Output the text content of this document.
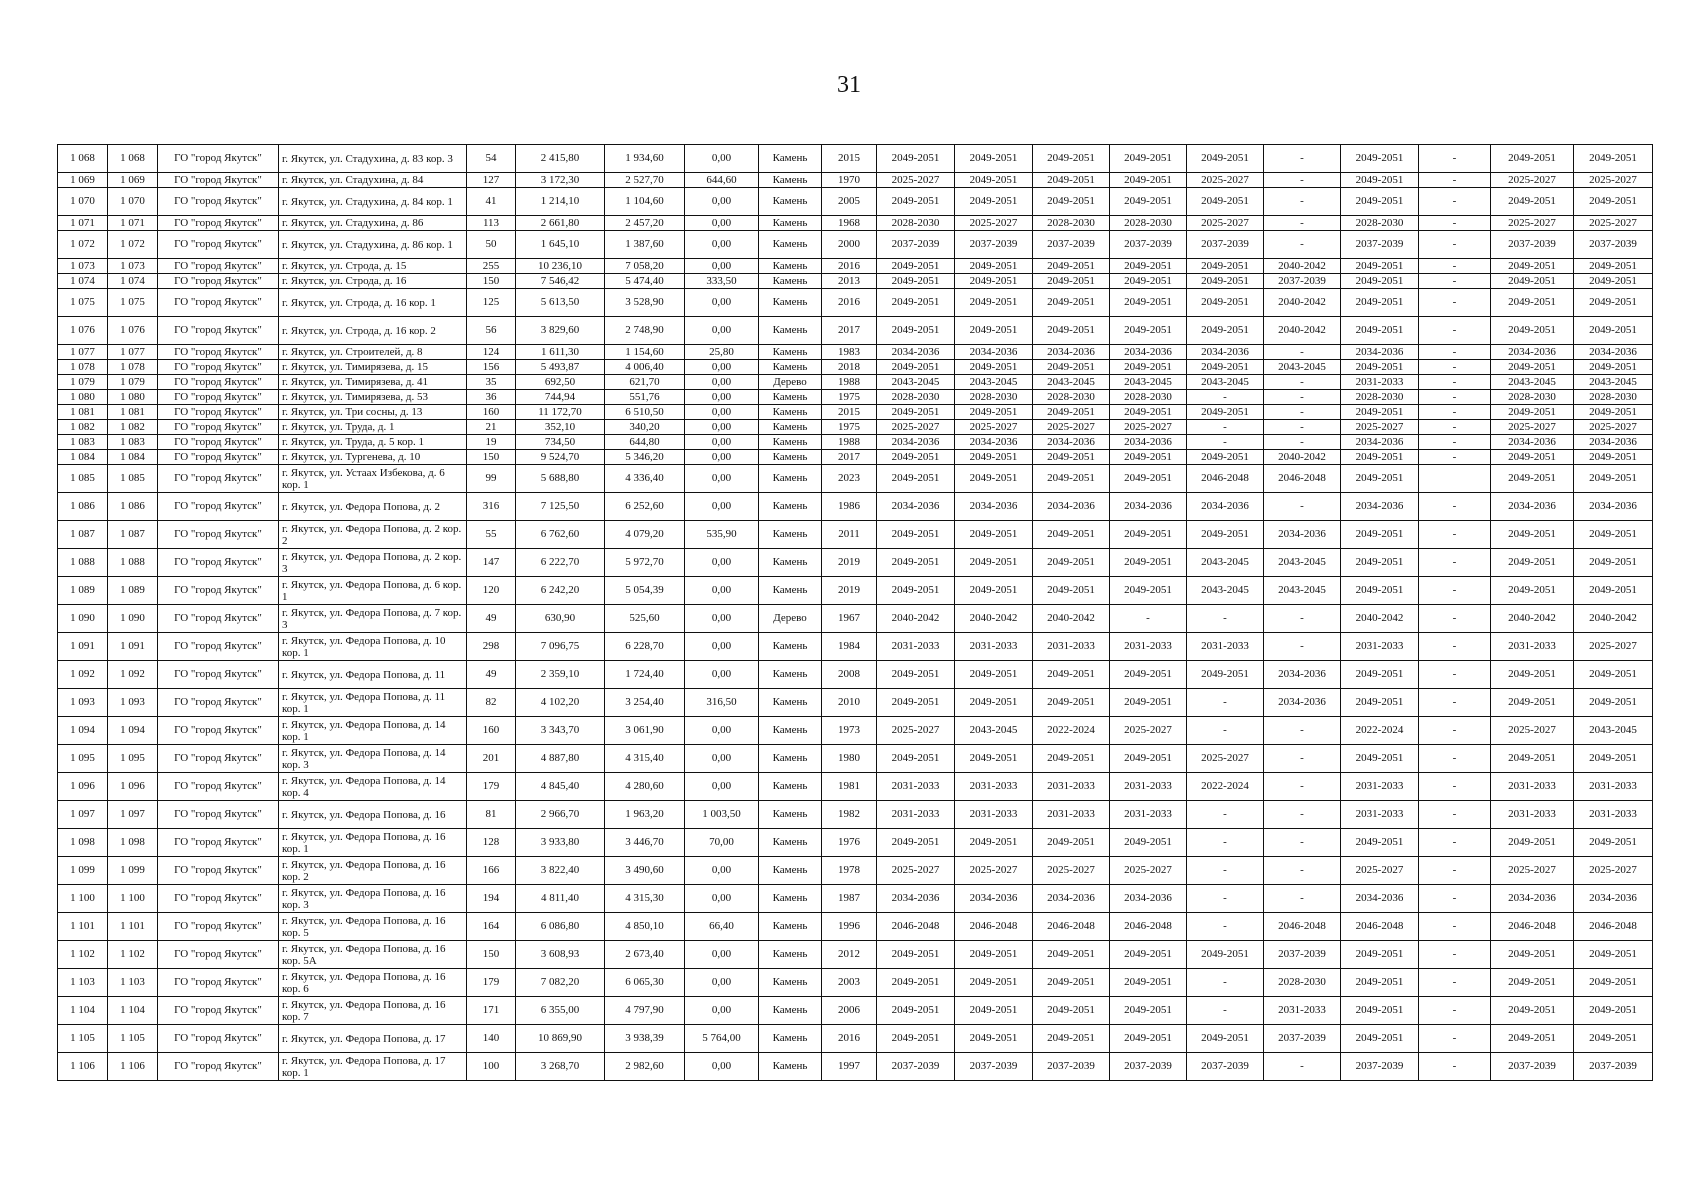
31
1 068	1 068	ГО "город Якутск"	г. Якутск, ул. Стадухина, д. 83 кор. 3	54	2 415,80	1 934,60	0,00	Камень	2015	2049-2051	2049-2051	2049-2051	2049-2051	2049-2051	-	2049-2051	-	2049-2051	2049-2051
1 069	1 069	ГО "город Якутск"	г. Якутск, ул. Стадухина, д. 84	127	3 172,30	2 527,70	644,60	Камень	1970	2025-2027	2049-2051	2049-2051	2049-2051	2025-2027	-	2049-2051	-	2025-2027	2025-2027
1 070	1 070	ГО "город Якутск"	г. Якутск, ул. Стадухина, д. 84 кор. 1	41	1 214,10	1 104,60	0,00	Камень	2005	2049-2051	2049-2051	2049-2051	2049-2051	2049-2051	-	2049-2051	-	2049-2051	2049-2051
1 071	1 071	ГО "город Якутск"	г. Якутск, ул. Стадухина, д. 86	113	2 661,80	2 457,20	0,00	Камень	1968	2028-2030	2025-2027	2028-2030	2028-2030	2025-2027	-	2028-2030	-	2025-2027	2025-2027
1 072	1 072	ГО "город Якутск"	г. Якутск, ул. Стадухина, д. 86 кор. 1	50	1 645,10	1 387,60	0,00	Камень	2000	2037-2039	2037-2039	2037-2039	2037-2039	2037-2039	-	2037-2039	-	2037-2039	2037-2039
1 073	1 073	ГО "город Якутск"	г. Якутск, ул. Строда, д. 15	255	10 236,10	7 058,20	0,00	Камень	2016	2049-2051	2049-2051	2049-2051	2049-2051	2049-2051	2040-2042	2049-2051	-	2049-2051	2049-2051
1 074	1 074	ГО "город Якутск"	г. Якутск, ул. Строда, д. 16	150	7 546,42	5 474,40	333,50	Камень	2013	2049-2051	2049-2051	2049-2051	2049-2051	2049-2051	2037-2039	2049-2051	-	2049-2051	2049-2051
1 075	1 075	ГО "город Якутск"	г. Якутск, ул. Строда, д. 16 кор. 1	125	5 613,50	3 528,90	0,00	Камень	2016	2049-2051	2049-2051	2049-2051	2049-2051	2049-2051	2040-2042	2049-2051	-	2049-2051	2049-2051
1 076	1 076	ГО "город Якутск"	г. Якутск, ул. Строда, д. 16 кор. 2	56	3 829,60	2 748,90	0,00	Камень	2017	2049-2051	2049-2051	2049-2051	2049-2051	2049-2051	2040-2042	2049-2051	-	2049-2051	2049-2051
1 077	1 077	ГО "город Якутск"	г. Якутск, ул. Строителей, д. 8	124	1 611,30	1 154,60	25,80	Камень	1983	2034-2036	2034-2036	2034-2036	2034-2036	2034-2036	-	2034-2036	-	2034-2036	2034-2036
1 078	1 078	ГО "город Якутск"	г. Якутск, ул. Тимирязева, д. 15	156	5 493,87	4 006,40	0,00	Камень	2018	2049-2051	2049-2051	2049-2051	2049-2051	2049-2051	2043-2045	2049-2051	-	2049-2051	2049-2051
1 079	1 079	ГО "город Якутск"	г. Якутск, ул. Тимирязева, д. 41	35	692,50	621,70	0,00	Дерево	1988	2043-2045	2043-2045	2043-2045	2043-2045	2043-2045	-	2031-2033	-	2043-2045	2043-2045
1 080	1 080	ГО "город Якутск"	г. Якутск, ул. Тимирязева, д. 53	36	744,94	551,76	0,00	Камень	1975	2028-2030	2028-2030	2028-2030	2028-2030	-	-	2028-2030	-	2028-2030	2028-2030
1 081	1 081	ГО "город Якутск"	г. Якутск, ул. Три сосны, д. 13	160	11 172,70	6 510,50	0,00	Камень	2015	2049-2051	2049-2051	2049-2051	2049-2051	2049-2051	-	2049-2051	-	2049-2051	2049-2051
1 082	1 082	ГО "город Якутск"	г. Якутск, ул. Труда, д. 1	21	352,10	340,20	0,00	Камень	1975	2025-2027	2025-2027	2025-2027	2025-2027	-	-	2025-2027	-	2025-2027	2025-2027
1 083	1 083	ГО "город Якутск"	г. Якутск, ул. Труда, д. 5 кор. 1	19	734,50	644,80	0,00	Камень	1988	2034-2036	2034-2036	2034-2036	2034-2036	-	-	2034-2036	-	2034-2036	2034-2036
1 084	1 084	ГО "город Якутск"	г. Якутск, ул. Тургенева, д. 10	150	9 524,70	5 346,20	0,00	Камень	2017	2049-2051	2049-2051	2049-2051	2049-2051	2049-2051	2040-2042	2049-2051	-	2049-2051	2049-2051
1 085	1 085	ГО "город Якутск"	г. Якутск, ул. Устаах Избекова, д. 6 кор. 1	99	5 688,80	4 336,40	0,00	Камень	2023	2049-2051	2049-2051	2049-2051	2049-2051	2046-2048	2046-2048	2049-2051		2049-2051	2049-2051
1 086	1 086	ГО "город Якутск"	г. Якутск, ул. Федора Попова, д. 2	316	7 125,50	6 252,60	0,00	Камень	1986	2034-2036	2034-2036	2034-2036	2034-2036	2034-2036	-	2034-2036	-	2034-2036	2034-2036
1 087	1 087	ГО "город Якутск"	г. Якутск, ул. Федора Попова, д. 2 кор. 2	55	6 762,60	4 079,20	535,90	Камень	2011	2049-2051	2049-2051	2049-2051	2049-2051	2049-2051	2034-2036	2049-2051	-	2049-2051	2049-2051
1 088	1 088	ГО "город Якутск"	г. Якутск, ул. Федора Попова, д. 2 кор. 3	147	6 222,70	5 972,70	0,00	Камень	2019	2049-2051	2049-2051	2049-2051	2049-2051	2043-2045	2043-2045	2049-2051	-	2049-2051	2049-2051
1 089	1 089	ГО "город Якутск"	г. Якутск, ул. Федора Попова, д. 6 кор. 1	120	6 242,20	5 054,39	0,00	Камень	2019	2049-2051	2049-2051	2049-2051	2049-2051	2043-2045	2043-2045	2049-2051	-	2049-2051	2049-2051
1 090	1 090	ГО "город Якутск"	г. Якутск, ул. Федора Попова, д. 7 кор. 3	49	630,90	525,60	0,00	Дерево	1967	2040-2042	2040-2042	2040-2042	-	-	-	2040-2042	-	2040-2042	2040-2042
1 091	1 091	ГО "город Якутск"	г. Якутск, ул. Федора Попова, д. 10 кор. 1	298	7 096,75	6 228,70	0,00	Камень	1984	2031-2033	2031-2033	2031-2033	2031-2033	2031-2033	-	2031-2033	-	2031-2033	2025-2027
1 092	1 092	ГО "город Якутск"	г. Якутск, ул. Федора Попова, д. 11	49	2 359,10	1 724,40	0,00	Камень	2008	2049-2051	2049-2051	2049-2051	2049-2051	2049-2051	2034-2036	2049-2051	-	2049-2051	2049-2051
1 093	1 093	ГО "город Якутск"	г. Якутск, ул. Федора Попова, д. 11 кор. 1	82	4 102,20	3 254,40	316,50	Камень	2010	2049-2051	2049-2051	2049-2051	2049-2051	-	2034-2036	2049-2051	-	2049-2051	2049-2051
1 094	1 094	ГО "город Якутск"	г. Якутск, ул. Федора Попова, д. 14 кор. 1	160	3 343,70	3 061,90	0,00	Камень	1973	2025-2027	2043-2045	2022-2024	2025-2027	-	-	2022-2024	-	2025-2027	2043-2045
1 095	1 095	ГО "город Якутск"	г. Якутск, ул. Федора Попова, д. 14 кор. 3	201	4 887,80	4 315,40	0,00	Камень	1980	2049-2051	2049-2051	2049-2051	2049-2051	2025-2027	-	2049-2051	-	2049-2051	2049-2051
1 096	1 096	ГО "город Якутск"	г. Якутск, ул. Федора Попова, д. 14 кор. 4	179	4 845,40	4 280,60	0,00	Камень	1981	2031-2033	2031-2033	2031-2033	2031-2033	2022-2024	-	2031-2033	-	2031-2033	2031-2033
1 097	1 097	ГО "город Якутск"	г. Якутск, ул. Федора Попова, д. 16	81	2 966,70	1 963,20	1 003,50	Камень	1982	2031-2033	2031-2033	2031-2033	2031-2033	-	-	2031-2033	-	2031-2033	2031-2033
1 098	1 098	ГО "город Якутск"	г. Якутск, ул. Федора Попова, д. 16 кор. 1	128	3 933,80	3 446,70	70,00	Камень	1976	2049-2051	2049-2051	2049-2051	2049-2051	-	-	2049-2051	-	2049-2051	2049-2051
1 099	1 099	ГО "город Якутск"	г. Якутск, ул. Федора Попова, д. 16 кор. 2	166	3 822,40	3 490,60	0,00	Камень	1978	2025-2027	2025-2027	2025-2027	2025-2027	-	-	2025-2027	-	2025-2027	2025-2027
1 100	1 100	ГО "город Якутск"	г. Якутск, ул. Федора Попова, д. 16 кор. 3	194	4 811,40	4 315,30	0,00	Камень	1987	2034-2036	2034-2036	2034-2036	2034-2036	-	-	2034-2036	-	2034-2036	2034-2036
1 101	1 101	ГО "город Якутск"	г. Якутск, ул. Федора Попова, д. 16 кор. 5	164	6 086,80	4 850,10	66,40	Камень	1996	2046-2048	2046-2048	2046-2048	2046-2048	-	2046-2048	2046-2048	-	2046-2048	2046-2048
1 102	1 102	ГО "город Якутск"	г. Якутск, ул. Федора Попова, д. 16 кор. 5А	150	3 608,93	2 673,40	0,00	Камень	2012	2049-2051	2049-2051	2049-2051	2049-2051	2049-2051	2037-2039	2049-2051	-	2049-2051	2049-2051
1 103	1 103	ГО "город Якутск"	г. Якутск, ул. Федора Попова, д. 16 кор. 6	179	7 082,20	6 065,30	0,00	Камень	2003	2049-2051	2049-2051	2049-2051	2049-2051	-	2028-2030	2049-2051	-	2049-2051	2049-2051
1 104	1 104	ГО "город Якутск"	г. Якутск, ул. Федора Попова, д. 16 кор. 7	171	6 355,00	4 797,90	0,00	Камень	2006	2049-2051	2049-2051	2049-2051	2049-2051	-	2031-2033	2049-2051	-	2049-2051	2049-2051
1 105	1 105	ГО "город Якутск"	г. Якутск, ул. Федора Попова, д. 17	140	10 869,90	3 938,39	5 764,00	Камень	2016	2049-2051	2049-2051	2049-2051	2049-2051	2049-2051	2037-2039	2049-2051	-	2049-2051	2049-2051
1 106	1 106	ГО "город Якутск"	г. Якутск, ул. Федора Попова, д. 17 кор. 1	100	3 268,70	2 982,60	0,00	Камень	1997	2037-2039	2037-2039	2037-2039	2037-2039	2037-2039	-	2037-2039	-	2037-2039	2037-2039
